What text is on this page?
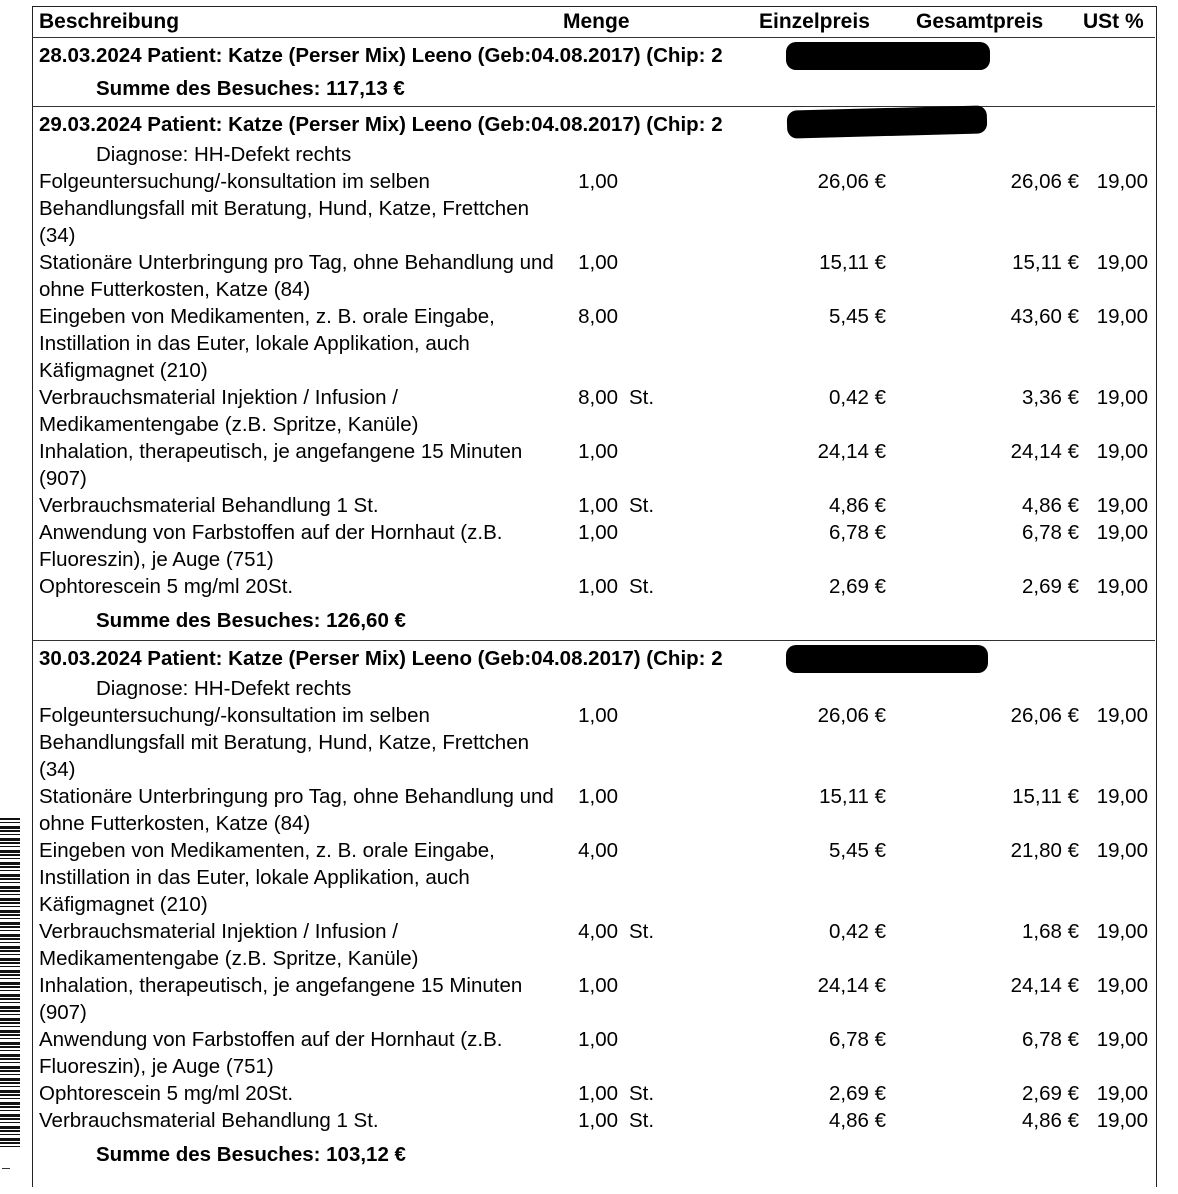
Beschreibung	Menge	Einzelpreis Gesamtpreis USt %
28.03.2024 Patient: Katze (Perser Mix) Leeno (Geb:04.08.2017) (Chip: 2
Summe des Besuches: 117,13 €
29.03.2024 Patient: Katze (Perser Mix) Leeno (Geb:04.08.2017) (Chip: 2
Diagnose: HH-Defekt rechts
Folgeuntersuchung/-konsultation im selben Behandlungsfall mit Beratung, Hund, Katze, Frettchen (34)
1,00	26,06 €	26,06 € 19,00
Stationäre Unterbringung pro Tag, ohne Behandlung und ohne Futterkosten, Katze (84)
1,00	15,11 €	15,11 € 19,00
Eingeben von Medikamenten, z. B. orale Eingabe, Instillation in das Euter, lokale Applikation, auch Käfigmagnet (210)
8,00	5,45 €	43,60 € 19,00
Verbrauchsmaterial Injektion / Infusion / Medikamentengabe (z.B. Spritze, Kanüle)
8,00 St.	0,42 €	3,36 € 19,00
Inhalation, therapeutisch, je angefangene 15 Minuten (907)
1,00	24,14 €	24,14 € 19,00
Verbrauchsmaterial Behandlung 1 St.	1,00 St.	4,86 €	4,86 € 19,00
Anwendung von Farbstoffen auf der Hornhaut (z.B. Fluoreszin), je Auge (751)
1,00	6,78 €	6,78 € 19,00
Ophtorescein 5 mg/ml 20St.	1,00 St.	2,69 €	2,69 € 19,00
Summe des Besuches: 126,60 €
30.03.2024 Patient: Katze (Perser Mix) Leeno (Geb:04.08.2017) (Chip: 2
Diagnose: HH-Defekt rechts
Folgeuntersuchung/-konsultation im selben Behandlungsfall mit Beratung, Hund, Katze, Frettchen (34)
1,00	26,06 €	26,06 € 19,00
Stationäre Unterbringung pro Tag, ohne Behandlung und ohne Futterkosten, Katze (84)
1,00	15,11 €	15,11 € 19,00
Eingeben von Medikamenten, z. B. orale Eingabe, Instillation in das Euter, lokale Applikation, auch Käfigmagnet (210)
4,00	5,45 €	21,80 € 19,00
Verbrauchsmaterial Injektion / Infusion / Medikamentengabe (z.B. Spritze, Kanüle)
4,00 St.	0,42 €	1,68 € 19,00
Inhalation, therapeutisch, je angefangene 15 Minuten (907)
1,00	24,14 €	24,14 € 19,00
Anwendung von Farbstoffen auf der Hornhaut (z.B. Fluoreszin), je Auge (751)
1,00	6,78 €	6,78 € 19,00
Ophtorescein 5 mg/ml 20St.	1,00 St.	2,69 €	2,69 € 19,00
Verbrauchsmaterial Behandlung 1 St.	1,00 St.	4,86 €	4,86 € 19,00
Summe des Besuches: 103,12 €
